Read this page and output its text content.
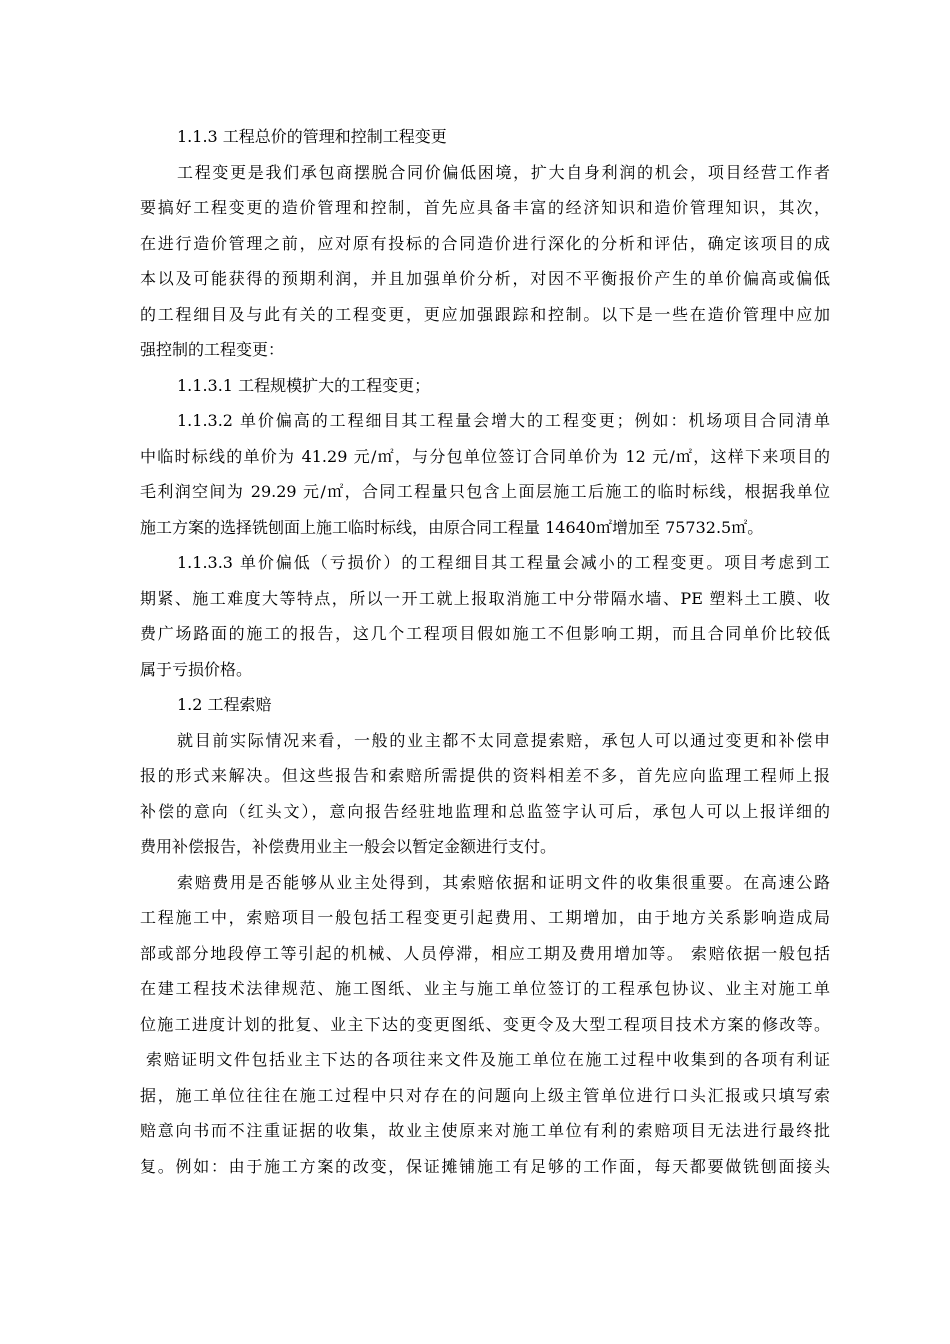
1.1.3 工程总价的管理和控制工程变更
工程变更是我们承包商摆脱合同价偏低困境，扩大自身利润的机会，项目经营工作者
要搞好工程变更的造价管理和控制，首先应具备丰富的经济知识和造价管理知识，其次，
在进行造价管理之前，应对原有投标的合同造价进行深化的分析和评估，确定该项目的成
本以及可能获得的预期利润，并且加强单价分析，对因不平衡报价产生的单价偏高或偏低
的工程细目及与此有关的工程变更，更应加强跟踪和控制。以下是一些在造价管理中应加
强控制的工程变更：
1.1.3.1 工程规模扩大的工程变更；
1.1.3.2 单价偏高的工程细目其工程量会增大的工程变更；例如：机场项目合同清单
中临时标线的单价为 41.29 元/㎡，与分包单位签订合同单价为 12 元/㎡，这样下来项目的
毛利润空间为 29.29 元/㎡，合同工程量只包含上面层施工后施工的临时标线，根据我单位
施工方案的选择铣刨面上施工临时标线，由原合同工程量 14640㎡增加至 75732.5㎡。
1.1.3.3 单价偏低（亏损价）的工程细目其工程量会减小的工程变更。项目考虑到工
期紧、施工难度大等特点，所以一开工就上报取消施工中分带隔水墙、PE 塑料土工膜、收
费广场路面的施工的报告，这几个工程项目假如施工不但影响工期，而且合同单价比较低
属于亏损价格。
1.2 工程索赔
就目前实际情况来看，一般的业主都不太同意提索赔，承包人可以通过变更和补偿申
报的形式来解决。但这些报告和索赔所需提供的资料相差不多，首先应向监理工程师上报
补偿的意向（红头文），意向报告经驻地监理和总监签字认可后，承包人可以上报详细的
费用补偿报告，补偿费用业主一般会以暂定金额进行支付。
索赔费用是否能够从业主处得到，其索赔依据和证明文件的收集很重要。在高速公路
工程施工中，索赔项目一般包括工程变更引起费用、工期增加，由于地方关系影响造成局
部或部分地段停工等引起的机械、人员停滞，相应工期及费用增加等。 索赔依据一般包括
在建工程技术法律规范、施工图纸、业主与施工单位签订的工程承包协议、业主对施工单
位施工进度计划的批复、业主下达的变更图纸、变更令及大型工程项目技术方案的修改等。
索赔证明文件包括业主下达的各项往来文件及施工单位在施工过程中收集到的各项有利证
据，施工单位往往在施工过程中只对存在的问题向上级主管单位进行口头汇报或只填写索
赔意向书而不注重证据的收集，故业主使原来对施工单位有利的索赔项目无法进行最终批
复。例如：由于施工方案的改变，保证摊铺施工有足够的工作面，每天都要做铣刨面接头
